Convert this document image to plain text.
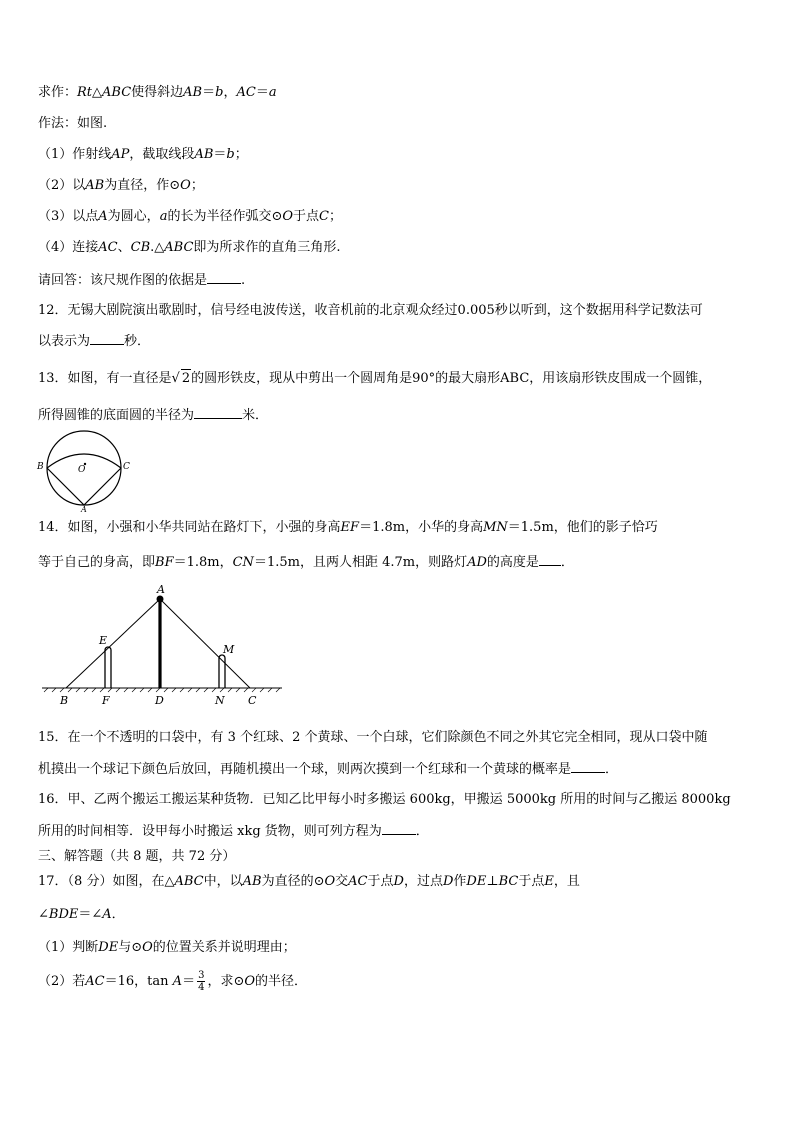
求作：Rt△ABC使得斜边AB＝b，AC＝a
作法：如图.
（1）作射线AP，截取线段AB＝b；
（2）以AB为直径，作⊙O；
（3）以点A为圆心，a的长为半径作弧交⊙O于点C；
（4）连接AC、CB.△ABC即为所求作的直角三角形.
请回答：该尺规作图的依据是	.
12．无锡大剧院演出歌剧时，信号经电波传送，收音机前的北京观众经过0.005秒以听到，这个数据用科学记数法可
以表示为	秒．
13．如图，有一直径是√ 2的圆形铁皮，现从中剪出一个圆周角是90°的最大扇形ABC，用该扇形铁皮围成一个圆锥，
所得圆锥的底面圆的半径为	米．
B	C
A
O
14．如图，小强和小华共同站在路灯下，小强的身高EF＝1.8m，小华的身高MN＝1.5m，他们的影子恰巧
等于自己的身高，即BF＝1.8m，CN＝1.5m，且两人相距 4.7m，则路灯AD的高度是 ．
A
E
M
B	F	D	N C
15．在一个不透明的口袋中，有 3 个红球、2 个黄球、一个白球，它们除颜色不同之外其它完全相同，现从口袋中随
机摸出一个球记下颜色后放回，再随机摸出一个球，则两次摸到一个红球和一个黄球的概率是	．
16．甲、乙两个搬运工搬运某种货物．已知乙比甲每小时多搬运 600kg，甲搬运 5000kg 所用的时间与乙搬运 8000kg
所用的时间相等．设甲每小时搬运 xkg 货物，则可列方程为	．
三、解答题（共 8 题，共 72 分）
17．（8 分）如图，在△ABC中，以AB为直径的⊙O交AC于点D，过点D作DE⊥BC于点E，且
∠BDE＝∠A．
（1）判断DE与⊙O的位置关系并说明理由；
（2）若AC＝16，$\tan A= \frac{3}{4}$ ，求⊙O的半径．
